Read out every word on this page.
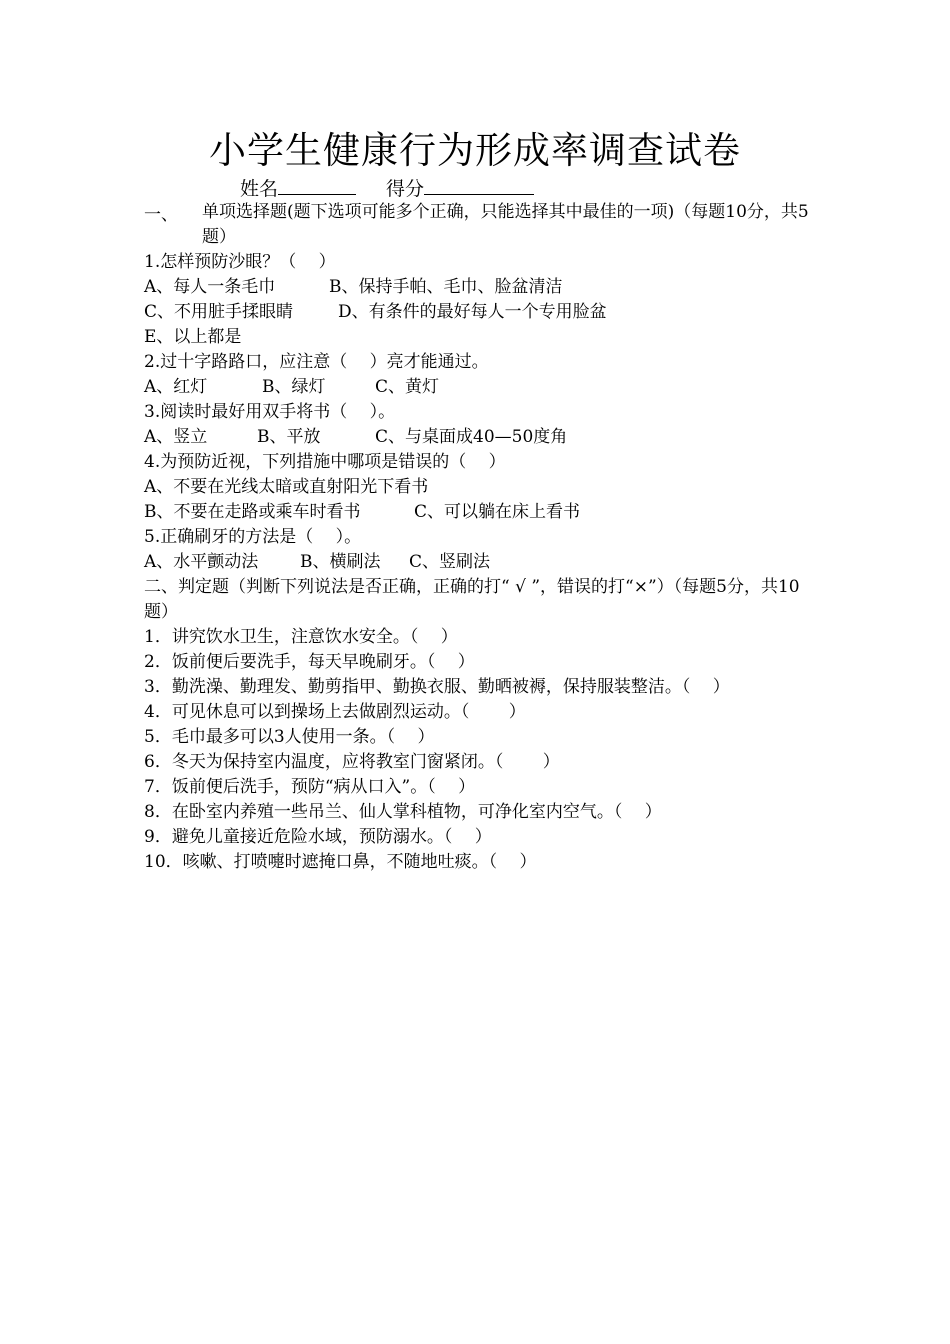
小学生健康行为形成率调查试卷
姓名	得分
一、	单项选择题(题下选项可能多个正确，只能选择其中最佳的一项)（每题10分，共5题）
1.怎样预防沙眼？（　 ）
A、每人一条毛巾	B、保持手帕、毛巾、脸盆清洁
C、不用脏手揉眼睛	D、有条件的最好每人一个专用脸盆
E、以上都是
2.过十字路路口，应注意（　 ）亮才能通过。
A、红灯	B、绿灯	C、黄灯
3.阅读时最好用双手将书（　 ）。
A、竖立	B、平放	C、与桌面成40—50度角
4.为预防近视，下列措施中哪项是错误的（　 ）
A、不要在光线太暗或直射阳光下看书
B、不要在走路或乘车时看书	C、可以躺在床上看书
5.正确刷牙的方法是（　 ）。
A、水平颤动法 B、横刷法 C、竖刷法
二、判定题（判断下列说法是否正确，正确的打“ √ ”，错误的打“×”）（每题5分，共10题）
1．讲究饮水卫生，注意饮水安全。（　 ）
2．饭前便后要洗手，每天早晚刷牙。（　 ）
3．勤洗澡、勤理发、勤剪指甲、勤换衣服、勤晒被褥，保持服装整洁。（　 ）
4．可见休息可以到操场上去做剧烈运动。（　　 ）
5．毛巾最多可以3人使用一条。（　 ）
6．冬天为保持室内温度，应将教室门窗紧闭。（　　 ）
7．饭前便后洗手，预防“病从口入”。（　 ）
8．在卧室内养殖一些吊兰、仙人掌科植物，可净化室内空气。（　 ）
9．避免儿童接近危险水域，预防溺水。（　 ）
10．咳嗽、打喷嚏时遮掩口鼻，不随地吐痰。（　 ）
